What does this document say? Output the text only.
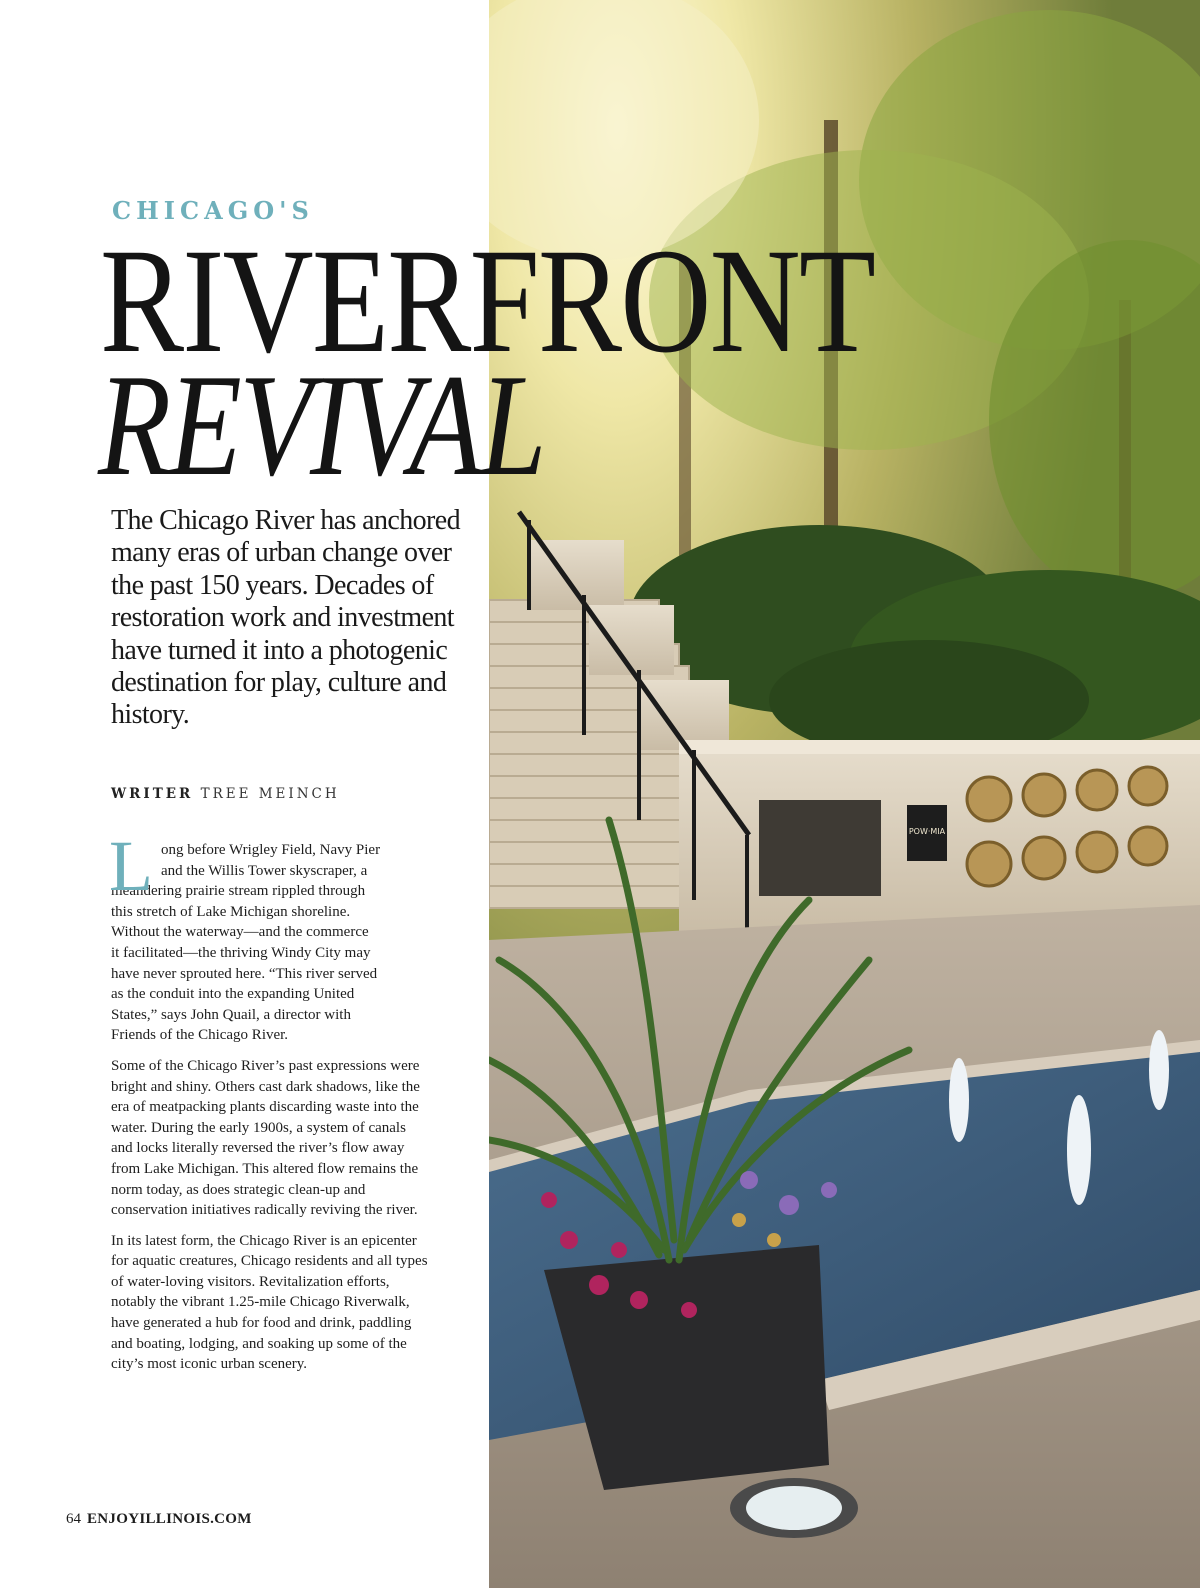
POW·MIA

CHICAGO'S

RIVERFRONT
REVIVAL

The Chicago River has anchored many eras of urban change over the past 150 years. Decades of restoration work and investment have turned it into a photogenic destination for play, culture and history.

WRITER TREE MEINCH

L ong before Wrigley Field, Navy Pier
and the Willis Tower skyscraper, a
meandering prairie stream rippled through
this stretch of Lake Michigan shoreline.
Without the waterway—and the commerce
it facilitated—the thriving Windy City may
have never sprouted here. “This river served
as the conduit into the expanding United
States,” says John Quail, a director with
Friends of the Chicago River.

Some of the Chicago River’s past expressions were bright and shiny. Others cast dark shadows, like the era of meatpacking plants discarding waste into the water. During the early 1900s, a system of canals and locks literally reversed the river’s flow away from Lake Michigan. This altered flow remains the norm today, as does strategic clean-up and conservation initiatives radically reviving the river.

In its latest form, the Chicago River is an epicenter for aquatic creatures, Chicago residents and all types of water-loving visitors. Revitalization efforts, notably the vibrant 1.25-mile Chicago Riverwalk, have generated a hub for food and drink, paddling and boating, lodging, and soaking up some of the city’s most iconic urban scenery.

64 ENJOYILLINOIS.COM
